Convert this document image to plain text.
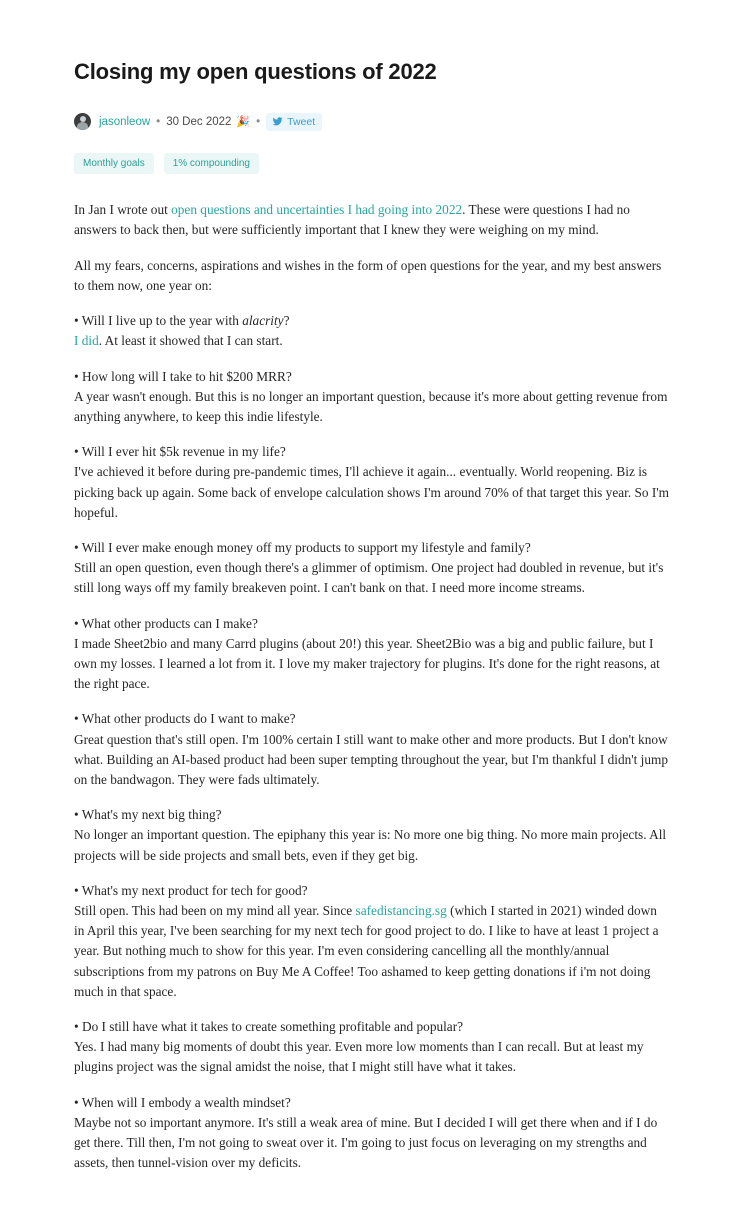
Closing my open questions of 2022
jasonleow • 30 Dec 2022 🎉 •	Tweet
Monthly goals	1% compounding

In Jan I wrote out open questions and uncertainties I had going into 2022. These were questions I had no answers to back then, but were sufficiently important that I knew they were weighing on my mind.

All my fears, concerns, aspirations and wishes in the form of open questions for the year, and my best answers to them now, one year on:

• Will I live up to the year with alacrity?

I did. At least it showed that I can start.

• How long will I take to hit $200 MRR?

A year wasn't enough. But this is no longer an important question, because it's more about getting revenue from anything anywhere, to keep this indie lifestyle.

• Will I ever hit $5k revenue in my life?

I've achieved it before during pre-pandemic times, I'll achieve it again... eventually. World reopening. Biz is picking back up again. Some back of envelope calculation shows I'm around 70% of that target this year. So I'm hopeful.

• Will I ever make enough money off my products to support my lifestyle and family?

Still an open question, even though there's a glimmer of optimism. One project had doubled in revenue, but it's still long ways off my family breakeven point. I can't bank on that. I need more income streams.

• What other products can I make?

I made Sheet2bio and many Carrd plugins (about 20!) this year. Sheet2Bio was a big and public failure, but I own my losses. I learned a lot from it. I love my maker trajectory for plugins. It's done for the right reasons, at the right pace.

• What other products do I want to make?

Great question that's still open. I'm 100% certain I still want to make other and more products. But I don't know what. Building an AI-based product had been super tempting throughout the year, but I'm thankful I didn't jump on the bandwagon. They were fads ultimately.

• What's my next big thing?

No longer an important question. The epiphany this year is: No more one big thing. No more main projects. All projects will be side projects and small bets, even if they get big.

• What's my next product for tech for good?

Still open. This had been on my mind all year. Since safedistancing.sg (which I started in 2021) winded down in April this year, I've been searching for my next tech for good project to do. I like to have at least 1 project a year. But nothing much to show for this year. I'm even considering cancelling all the monthly/annual subscriptions from my patrons on Buy Me A Coffee! Too ashamed to keep getting donations if i'm not doing much in that space.

• Do I still have what it takes to create something profitable and popular?

Yes. I had many big moments of doubt this year. Even more low moments than I can recall. But at least my plugins project was the signal amidst the noise, that I might still have what it takes.

• When will I embody a wealth mindset?

Maybe not so important anymore. It's still a weak area of mine. But I decided I will get there when and if I do get there. Till then, I'm not going to sweat over it. I'm going to just focus on leveraging on my strengths and assets, then tunnel-vision over my deficits.
